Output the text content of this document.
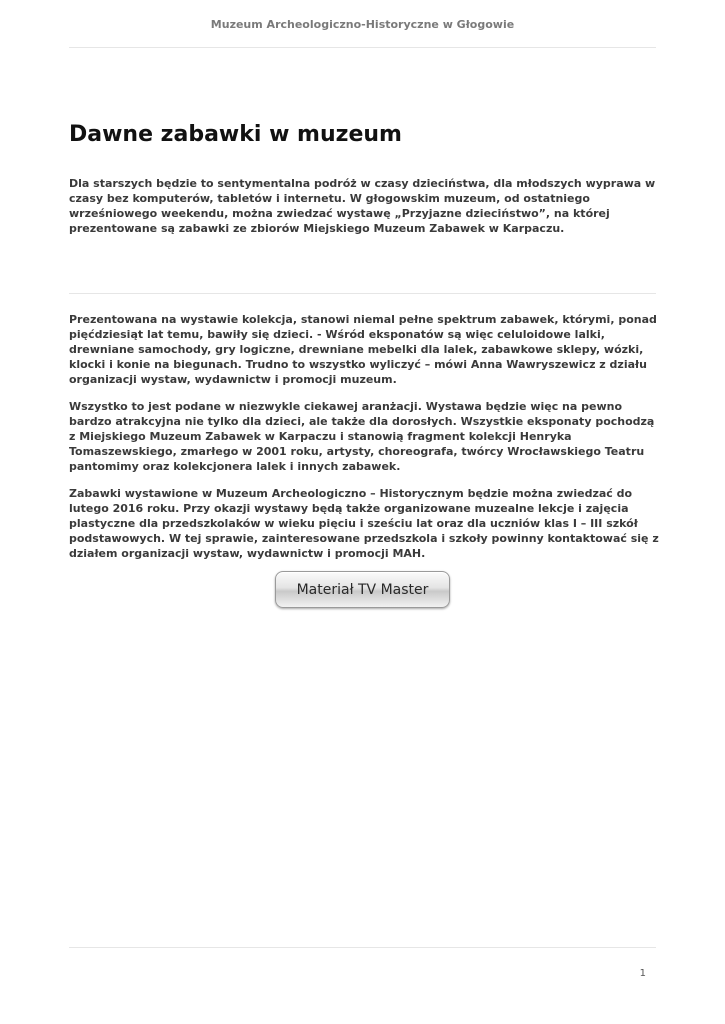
Muzeum Archeologiczno-Historyczne w Głogowie
Dawne zabawki w muzeum

Dla starszych będzie to sentymentalna podróż w czasy dzieciństwa, dla młodszych wyprawa w czasy bez komputerów, tabletów i internetu. W głogowskim muzeum, od ostatniego wrześniowego weekendu, można zwiedzać wystawę „Przyjazne dzieciństwo”, na której prezentowane są zabawki ze zbiorów Miejskiego Muzeum Zabawek w Karpaczu.

Prezentowana na wystawie kolekcja, stanowi niemal pełne spektrum zabawek, którymi, ponad pięćdziesiąt lat temu, bawiły się dzieci. - Wśród eksponatów są więc celuloidowe lalki, drewniane samochody, gry logiczne, drewniane mebelki dla lalek, zabawkowe sklepy, wózki, klocki i konie na biegunach. Trudno to wszystko wyliczyć – mówi Anna Wawryszewicz z działu organizacji wystaw, wydawnictw i promocji muzeum.

Wszystko to jest podane w niezwykle ciekawej aranżacji. Wystawa będzie więc na pewno bardzo atrakcyjna nie tylko dla dzieci, ale także dla dorosłych. Wszystkie eksponaty pochodzą z Miejskiego Muzeum Zabawek w Karpaczu i stanowią fragment kolekcji Henryka Tomaszewskiego, zmarłego w 2001 roku, artysty, choreografa, twórcy Wrocławskiego Teatru pantomimy oraz kolekcjonera lalek i innych zabawek.

Zabawki wystawione w Muzeum Archeologiczno – Historycznym będzie można zwiedzać do lutego 2016 roku. Przy okazji wystawy będą także organizowane muzealne lekcje i zajęcia plastyczne dla przedszkolaków w wieku pięciu i sześciu lat oraz dla uczniów klas I – III szkół podstawowych. W tej sprawie, zainteresowane przedszkola i szkoły powinny kontaktować się z działem organizacji wystaw, wydawnictw i promocji MAH.

Materiał TV Master
1
